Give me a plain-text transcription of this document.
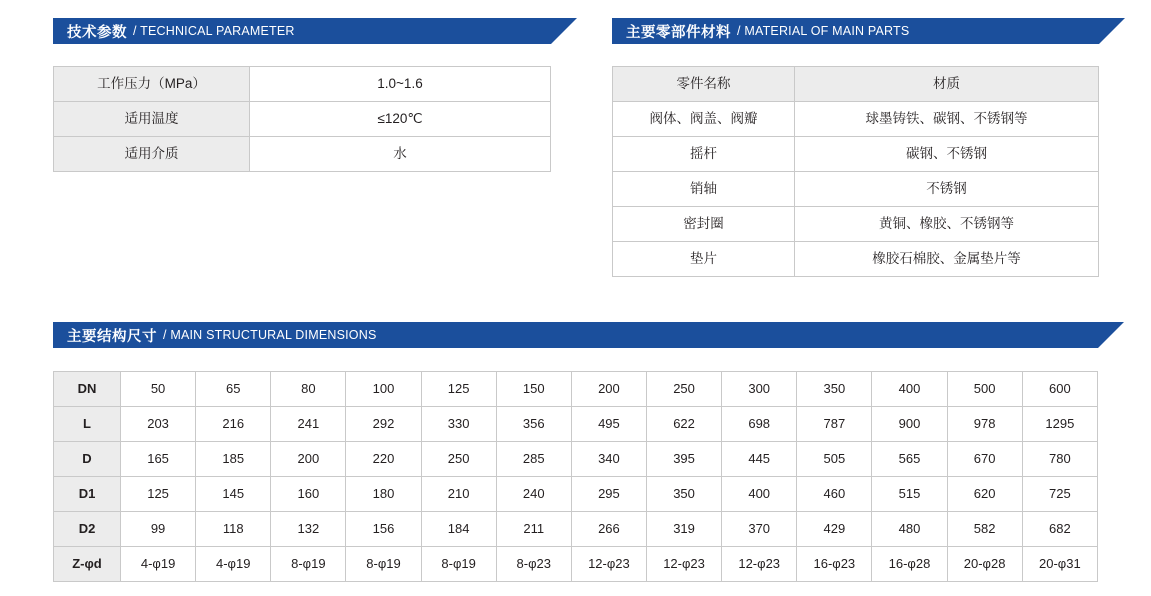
技术参数 / TECHNICAL PARAMETER
工作压力（MPa）	1.0~1.6
适用温度	≤120℃
适用介质	水
主要零部件材料 / MATERIAL OF MAIN PARTS
零件名称	材质
阀体、阀盖、阀瓣	球墨铸铁、碳钢、不锈钢等
摇杆	碳钢、不锈钢
销轴	不锈钢
密封圈	黄铜、橡胶、不锈钢等
垫片	橡胶石棉胶、金属垫片等
主要结构尺寸 / MAIN STRUCTURAL DIMENSIONS
DN	50	65	80	100	125	150	200	250	300	350	400	500	600
L	203	216	241	292	330	356	495	622	698	787	900	978	1295
D	165	185	200	220	250	285	340	395	445	505	565	670	780
D1	125	145	160	180	210	240	295	350	400	460	515	620	725
D2	99	118	132	156	184	211	266	319	370	429	480	582	682
Z-φd	4-φ19	4-φ19	8-φ19	8-φ19	8-φ19	8-φ23	12-φ23	12-φ23	12-φ23	16-φ23	16-φ28	20-φ28	20-φ31
